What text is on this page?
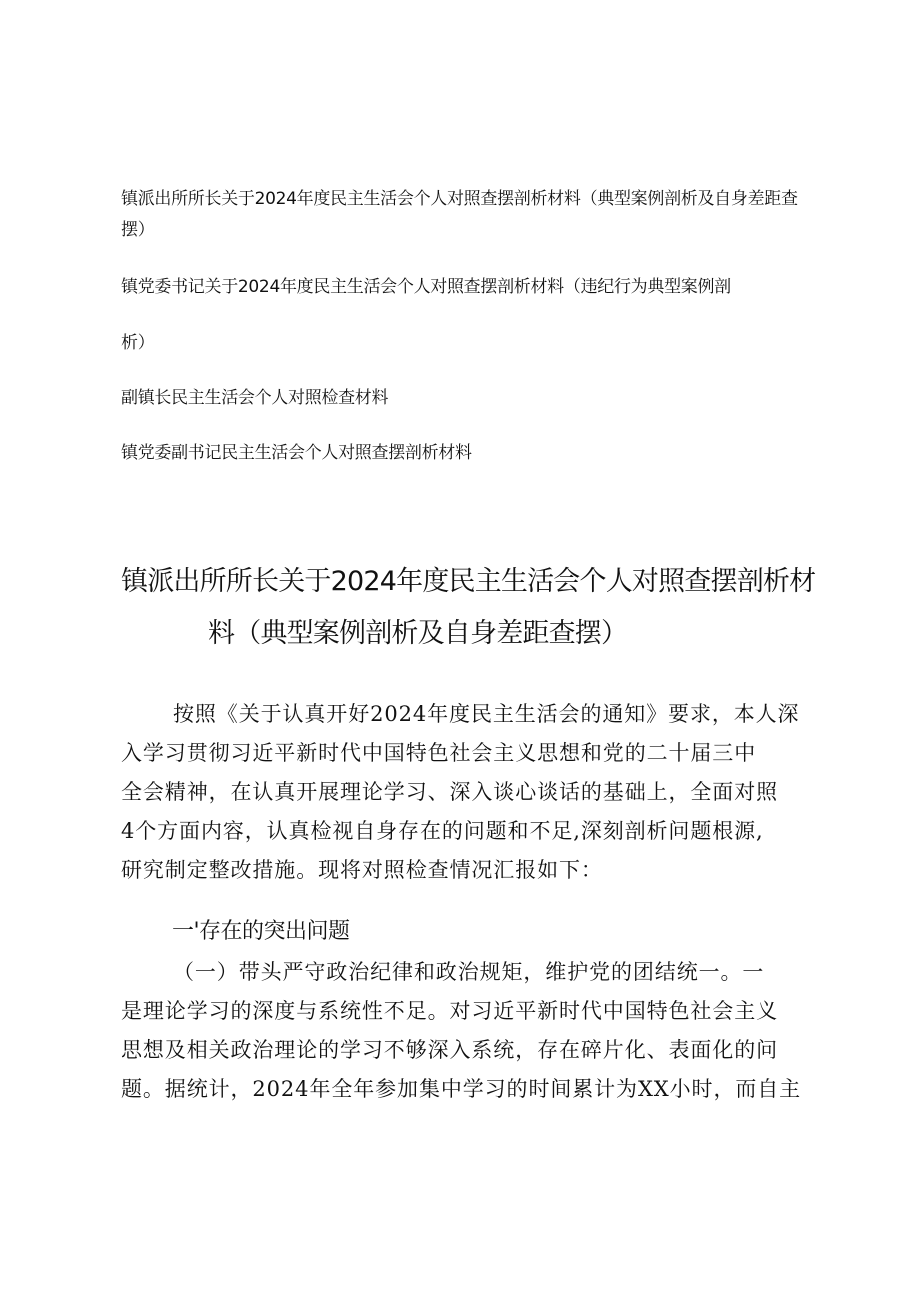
镇派出所所长关于2024年度民主生活会个人对照查摆剖析材料（典型案例剖析及自身差距查
摆）
镇党委书记关于2024年度民主生活会个人对照查摆剖析材料（违纪行为典型案例剖
析）
副镇长民主生活会个人对照检查材料
镇党委副书记民主生活会个人对照查摆剖析材料
镇派出所所长关于2024年度民主生活会个人对照查摆剖析材
料（典型案例剖析及自身差距查摆）
按照《关于认真开好2024年度民主生活会的通知》要求，本人深
入学习贯彻习近平新时代中国特色社会主义思想和党的二十届三中
全会精神，在认真开展理论学习、深入谈心谈话的基础上，全面对照
4个方面内容，认真检视自身存在的问题和不足,深刻剖析问题根源,
研究制定整改措施。现将对照检查情况汇报如下：
一'存在的突出问题
（一）带头严守政治纪律和政治规矩，维护党的团结统一。一
是理论学习的深度与系统性不足。对习近平新时代中国特色社会主义
思想及相关政治理论的学习不够深入系统，存在碎片化、表面化的问
题。据统计，2024年全年参加集中学习的时间累计为XX小时，而自主
